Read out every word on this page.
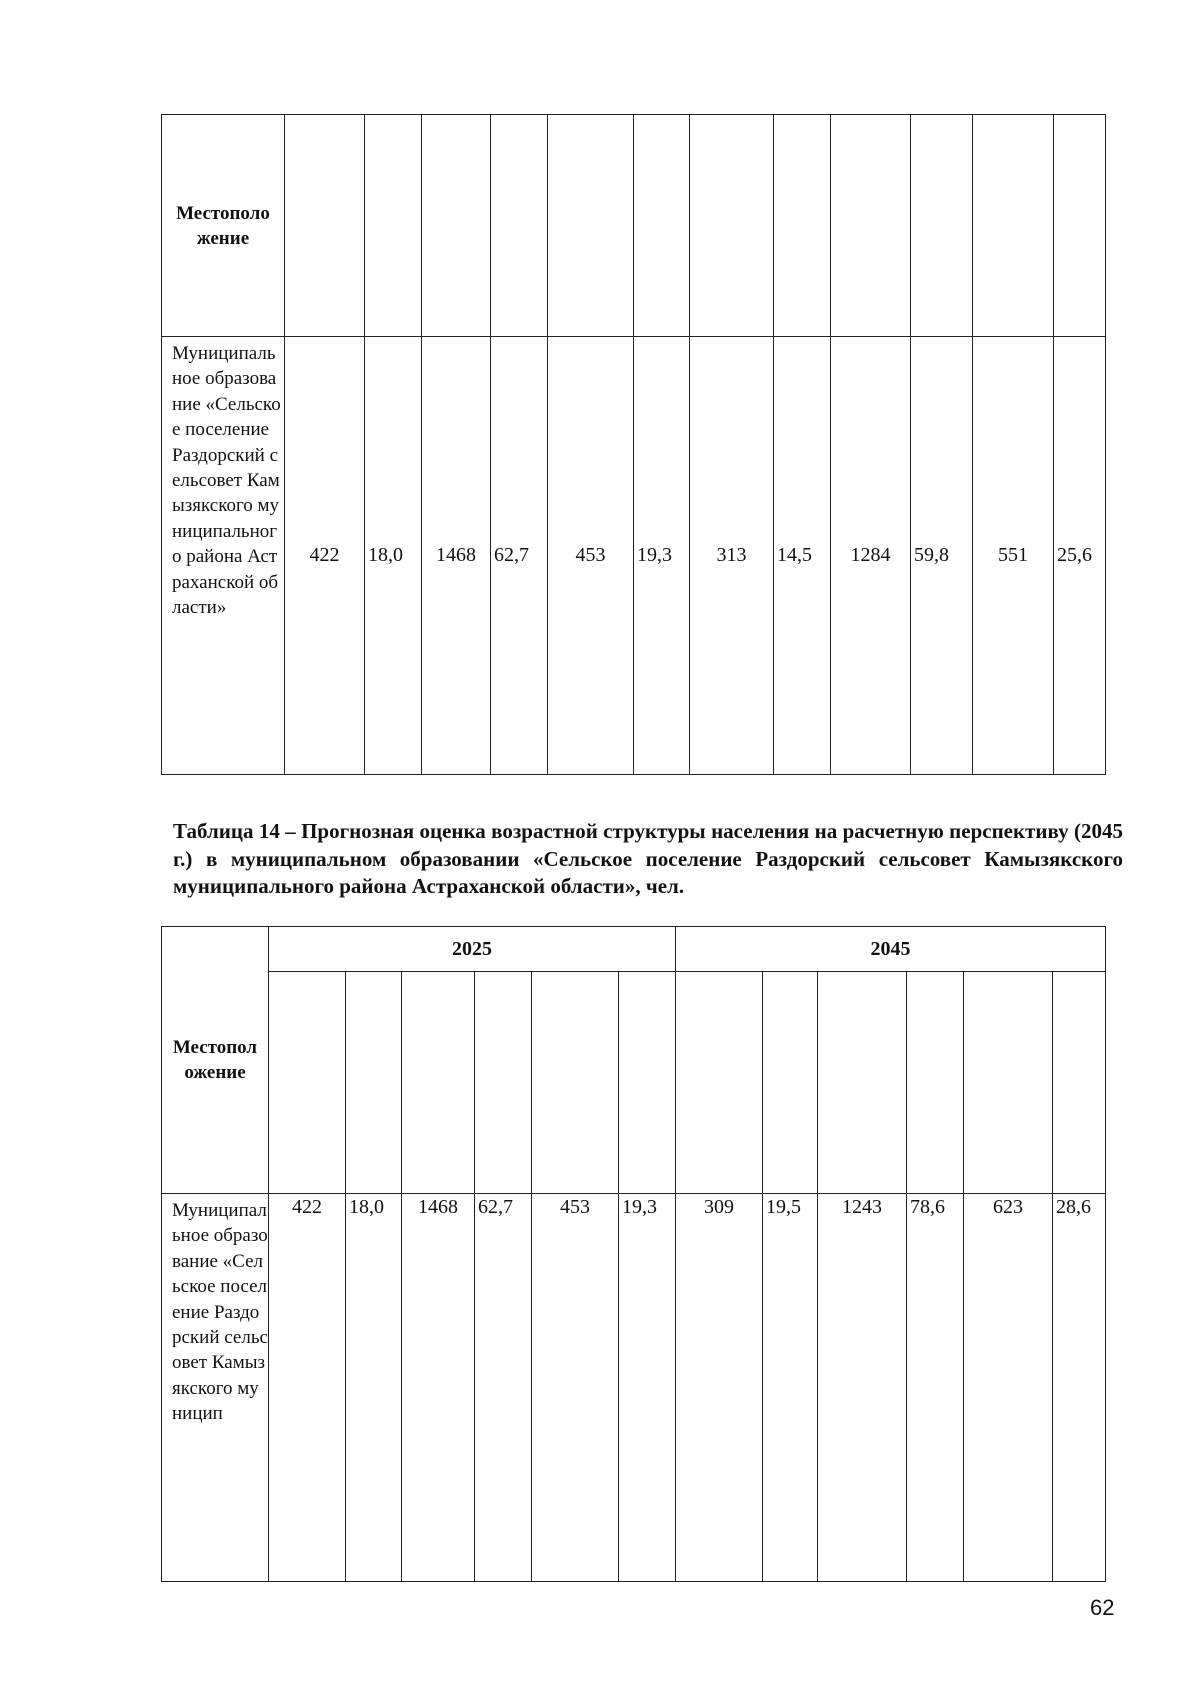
Местоположение	

Муниципальное образование «Сельское поселение Раздорский сельсовет Камызякского муниципального района Астраханской области»	422	18,0	1468	62,7	453	19,3	313	14,5	1284	59,8	551	25,6
Таблица 14 – Прогнозная оценка возрастной структуры населения на расчетную перспективу (2045 г.) в муниципальном образовании «Сельское поселение Раздорский сельсовет Камызякского муниципального района Астраханской области», чел.
Местоположение	2025						2045					

Муниципальное образование «Сельское поселение Раздорский сельсовет Камызякского муницип	422	18,0	1468	62,7	453	19,3	309	19,5	1243	78,6	623	28,6
62
